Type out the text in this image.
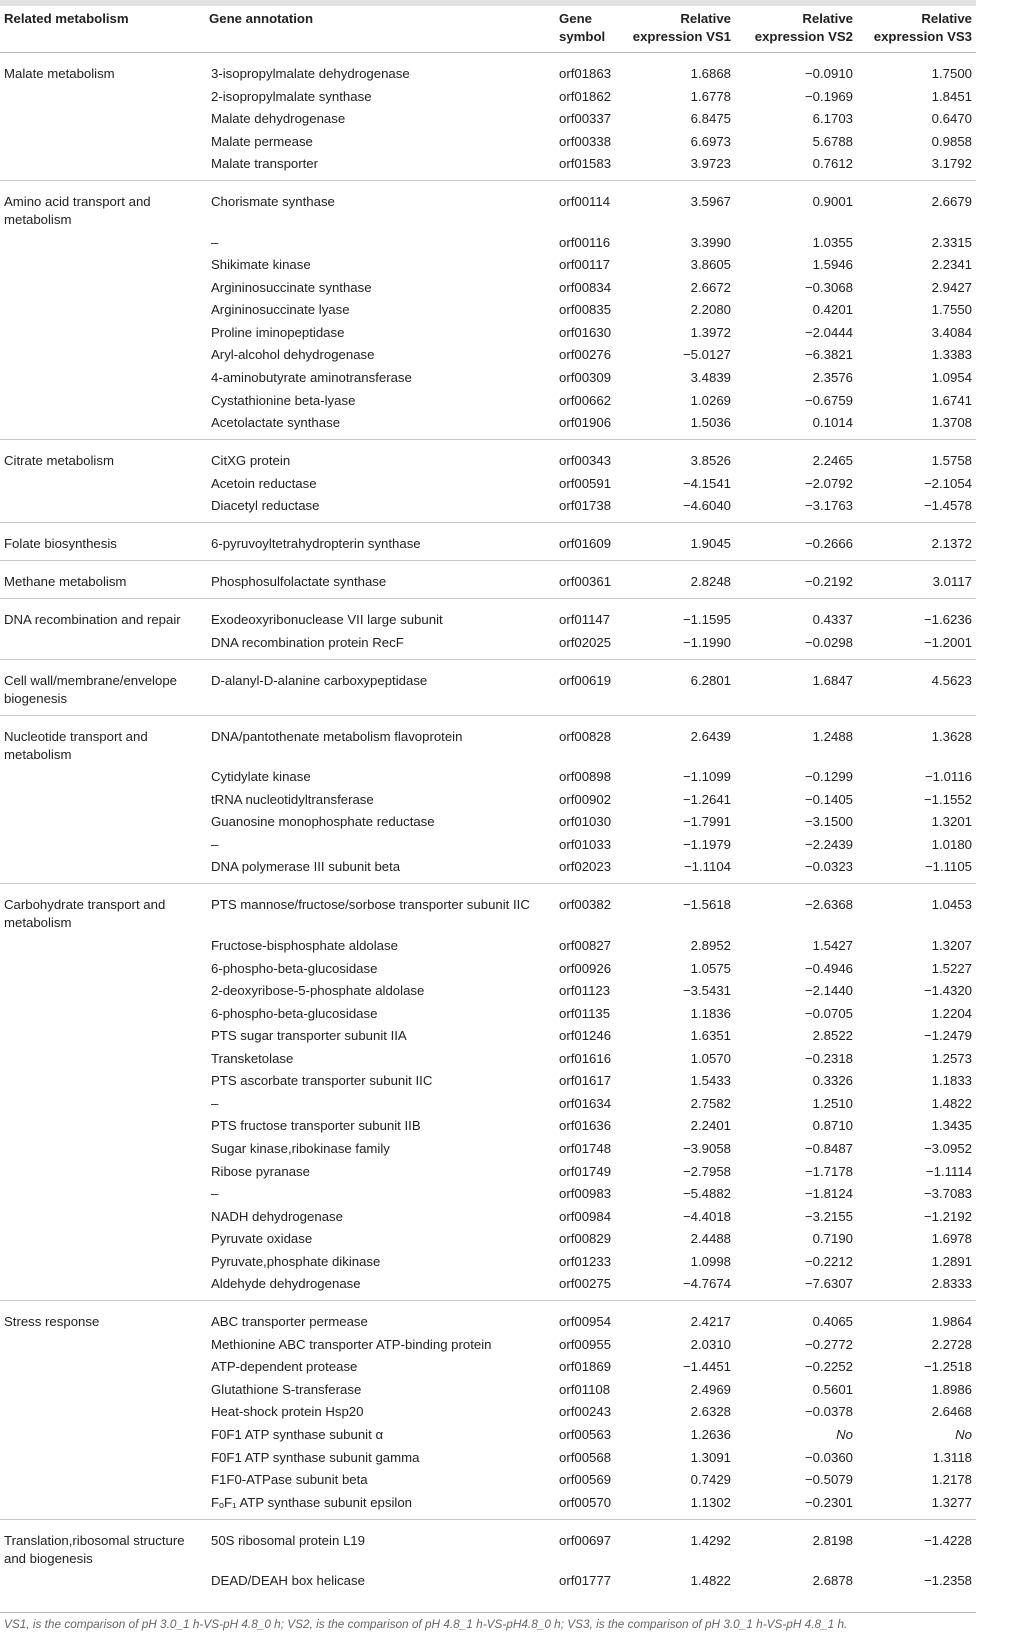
Related metabolism	Gene annotation	Gene symbol	Relative expression VS1	Relative expression VS2	Relative expression VS3
Malate metabolism	3-isopropylmalate dehydrogenase	orf01863	1.6868	−0.0910	1.7500
	2-isopropylmalate synthase	orf01862	1.6778	−0.1969	1.8451
	Malate dehydrogenase	orf00337	6.8475	6.1703	0.6470
	Malate permease	orf00338	6.6973	5.6788	0.9858
	Malate transporter	orf01583	3.9723	0.7612	3.1792
Amino acid transport and metabolism	Chorismate synthase	orf00114	3.5967	0.9001	2.6679
	–	orf00116	3.3990	1.0355	2.3315
	Shikimate kinase	orf00117	3.8605	1.5946	2.2341
	Argininosuccinate synthase	orf00834	2.6672	−0.3068	2.9427
	Argininosuccinate lyase	orf00835	2.2080	0.4201	1.7550
	Proline iminopeptidase	orf01630	1.3972	−2.0444	3.4084
	Aryl-alcohol dehydrogenase	orf00276	−5.0127	−6.3821	1.3383
	4-aminobutyrate aminotransferase	orf00309	3.4839	2.3576	1.0954
	Cystathionine beta-lyase	orf00662	1.0269	−0.6759	1.6741
	Acetolactate synthase	orf01906	1.5036	0.1014	1.3708
Citrate metabolism	CitXG protein	orf00343	3.8526	2.2465	1.5758
	Acetoin reductase	orf00591	−4.1541	−2.0792	−2.1054
	Diacetyl reductase	orf01738	−4.6040	−3.1763	−1.4578
Folate biosynthesis	6-pyruvoyltetrahydropterin synthase	orf01609	1.9045	−0.2666	2.1372
Methane metabolism	Phosphosulfolactate synthase	orf00361	2.8248	−0.2192	3.0117
DNA recombination and repair	Exodeoxyribonuclease VII large subunit	orf01147	−1.1595	0.4337	−1.6236
	DNA recombination protein RecF	orf02025	−1.1990	−0.0298	−1.2001
Cell wall/membrane/envelope biogenesis	D-alanyl-D-alanine carboxypeptidase	orf00619	6.2801	1.6847	4.5623
Nucleotide transport and metabolism	DNA/pantothenate metabolism flavoprotein	orf00828	2.6439	1.2488	1.3628
	Cytidylate kinase	orf00898	−1.1099	−0.1299	−1.0116
	tRNA nucleotidyltransferase	orf00902	−1.2641	−0.1405	−1.1552
	Guanosine monophosphate reductase	orf01030	−1.7991	−3.1500	1.3201
	–	orf01033	−1.1979	−2.2439	1.0180
	DNA polymerase III subunit beta	orf02023	−1.1104	−0.0323	−1.1105
Carbohydrate transport and metabolism	PTS mannose/fructose/sorbose transporter subunit IIC	orf00382	−1.5618	−2.6368	1.0453
	Fructose-bisphosphate aldolase	orf00827	2.8952	1.5427	1.3207
	6-phospho-beta-glucosidase	orf00926	1.0575	−0.4946	1.5227
	2-deoxyribose-5-phosphate aldolase	orf01123	−3.5431	−2.1440	−1.4320
	6-phospho-beta-glucosidase	orf01135	1.1836	−0.0705	1.2204
	PTS sugar transporter subunit IIA	orf01246	1.6351	2.8522	−1.2479
	Transketolase	orf01616	1.0570	−0.2318	1.2573
	PTS ascorbate transporter subunit IIC	orf01617	1.5433	0.3326	1.1833
	–	orf01634	2.7582	1.2510	1.4822
	PTS fructose transporter subunit IIB	orf01636	2.2401	0.8710	1.3435
	Sugar kinase,ribokinase family	orf01748	−3.9058	−0.8487	−3.0952
	Ribose pyranase	orf01749	−2.7958	−1.7178	−1.1114
	–	orf00983	−5.4882	−1.8124	−3.7083
	NADH dehydrogenase	orf00984	−4.4018	−3.2155	−1.2192
	Pyruvate oxidase	orf00829	2.4488	0.7190	1.6978
	Pyruvate,phosphate dikinase	orf01233	1.0998	−0.2212	1.2891
	Aldehyde dehydrogenase	orf00275	−4.7674	−7.6307	2.8333
Stress response	ABC transporter permease	orf00954	2.4217	0.4065	1.9864
	Methionine ABC transporter ATP-binding protein	orf00955	2.0310	−0.2772	2.2728
	ATP-dependent protease	orf01869	−1.4451	−0.2252	−1.2518
	Glutathione S-transferase	orf01108	2.4969	0.5601	1.8986
	Heat-shock protein Hsp20	orf00243	2.6328	−0.0378	2.6468
	F0F1 ATP synthase subunit α	orf00563	1.2636	No	No
	F0F1 ATP synthase subunit gamma	orf00568	1.3091	−0.0360	1.3118
	F1F0-ATPase subunit beta	orf00569	0.7429	−0.5079	1.2178
	FₒF₁ ATP synthase subunit epsilon	orf00570	1.1302	−0.2301	1.3277
Translation,ribosomal structure and biogenesis	50S ribosomal protein L19	orf00697	1.4292	2.8198	−1.4228
	DEAD/DEAH box helicase	orf01777	1.4822	2.6878	−1.2358
VS1, is the comparison of pH 3.0_1 h-VS-pH 4.8_0 h; VS2, is the comparison of pH 4.8_1 h-VS-pH4.8_0 h; VS3, is the comparison of pH 3.0_1 h-VS-pH 4.8_1 h.
